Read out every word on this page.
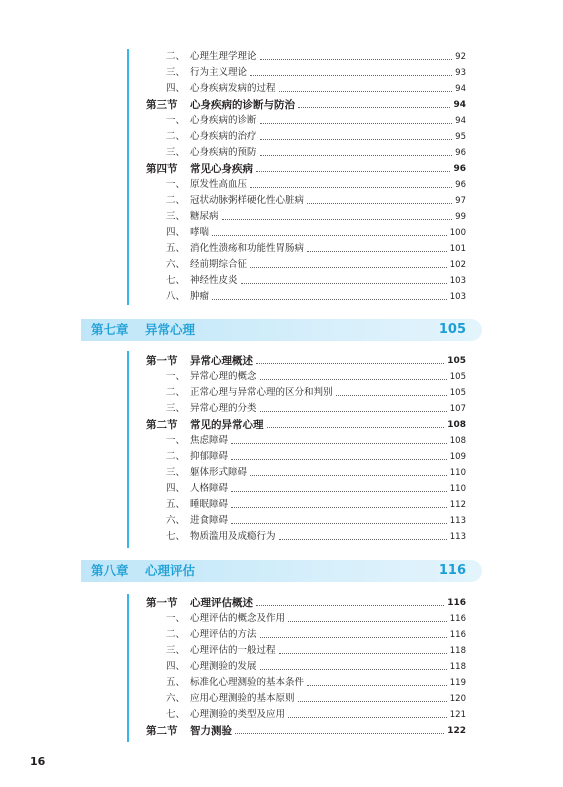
二、 心理生理学理论	92
三、 行为主义理论	93
四、 心身疾病发病的过程	94
第三节 心身疾病的诊断与防治	94
一、 心身疾病的诊断	94
二、 心身疾病的治疗	95
三、 心身疾病的预防	96
第四节 常见心身疾病	96
一、 原发性高血压	96
二、 冠状动脉粥样硬化性心脏病	97
三、 糖尿病	99
四、 哮喘	100
五、 消化性溃疡和功能性胃肠病	101
六、 经前期综合征	102
七、 神经性皮炎	103
八、 肿瘤	103
第七章 异常心理	105
第一节 异常心理概述	105
一、 异常心理的概念	105
二、 正常心理与异常心理的区分和判别	105
三、 异常心理的分类	107
第二节 常见的异常心理	108
一、 焦虑障碍	108
二、 抑郁障碍	109
三、 躯体形式障碍	110
四、 人格障碍	110
五、 睡眠障碍	112
六、 进食障碍	113
七、 物质滥用及成瘾行为	113
第八章 心理评估	116
第一节 心理评估概述	116
一、 心理评估的概念及作用	116
二、 心理评估的方法	116
三、 心理评估的一般过程	118
四、 心理测验的发展	118
五、 标准化心理测验的基本条件	119
六、 应用心理测验的基本原则	120
七、 心理测验的类型及应用	121
第二节 智力测验	122
16
